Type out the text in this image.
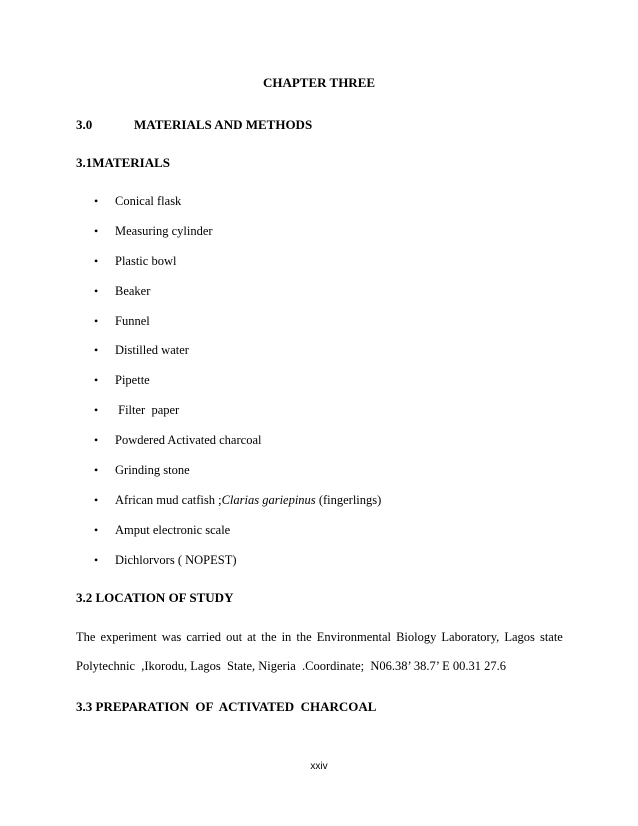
CHAPTER THREE
3.0	MATERIALS AND METHODS
3.1MATERIALS
• Conical flask
• Measuring cylinder
• Plastic bowl
• Beaker
• Funnel
• Distilled water
• Pipette
• Filter  paper
• Powdered Activated charcoal
• Grinding stone
• African mud catfish ;Clarias gariepinus (fingerlings)
• Amput electronic scale
• Dichlorvors ( NOPEST)
3.2 LOCATION OF STUDY
The experiment was carried out at the in the Environmental Biology Laboratory, Lagos state
Polytechnic  ,Ikorodu, Lagos  State, Nigeria  .Coordinate;  N06.38’ 38.7’ E 00.31 27.6
3.3 PREPARATION  OF  ACTIVATED  CHARCOAL
xxiv
